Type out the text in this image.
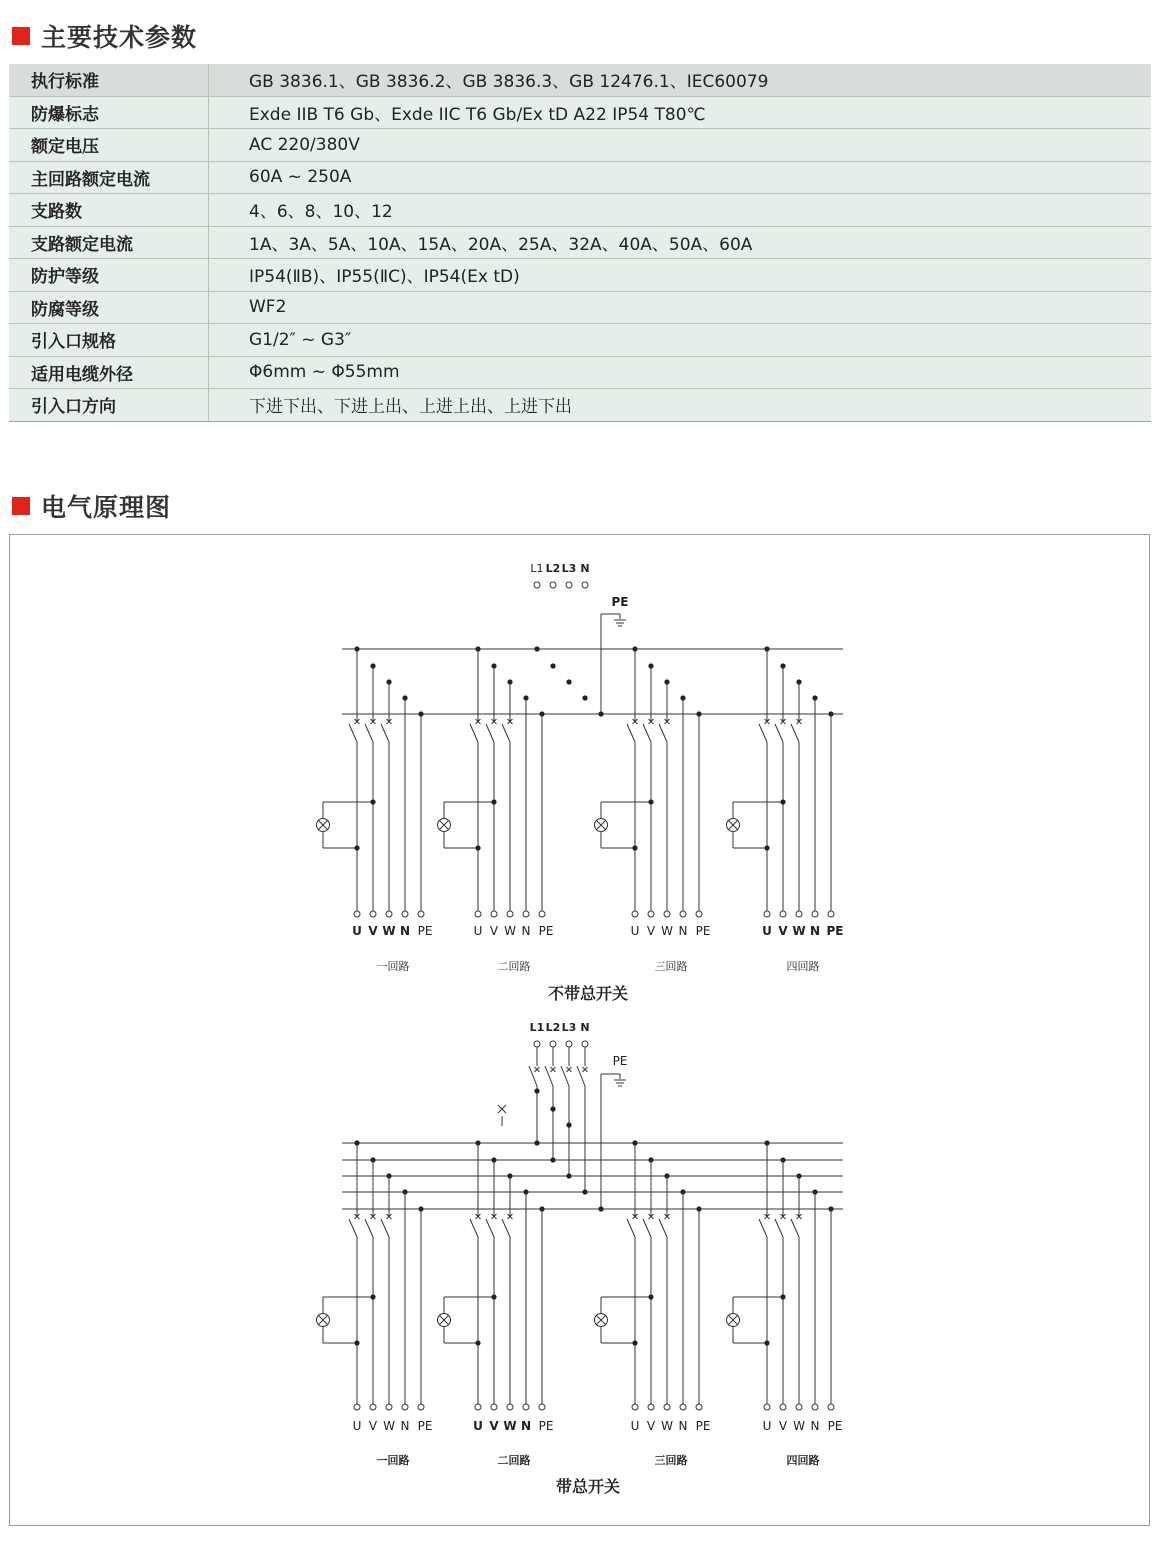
主要技术参数
执行标准	GB 3836.1、GB 3836.2、GB 3836.3、GB 12476.1、IEC60079
防爆标志	Exde IIB T6 Gb、Exde IIC T6 Gb/Ex tD A22 IP54 T80℃
额定电压	AC 220/380V
主回路额定电流	60A ~ 250A
支路数	4、6、8、10、12
支路额定电流	1A、3A、5A、10A、15A、20A、25A、32A、40A、50A、60A
防护等级	IP54(ⅡB)、IP55(ⅡC)、IP54(Ex tD)
防腐等级	WF2
引入口规格	G1/2″ ~ G3″
适用电缆外径	Φ6mm ~ Φ55mm
引入口方向	下进下出、下进上出、上进上出、上进下出
电气原理图
L1 L2 L3 N
PE
U V W N PE
一回路
U V W N PE
二回路
U V W N PE
三回路
U V W N PE
四回路
不带总开关
L1 L2 L3 N
PE
U V W N PE
一回路
U V W N PE
二回路
U V W N PE
三回路
U V W N PE
四回路
带总开关
